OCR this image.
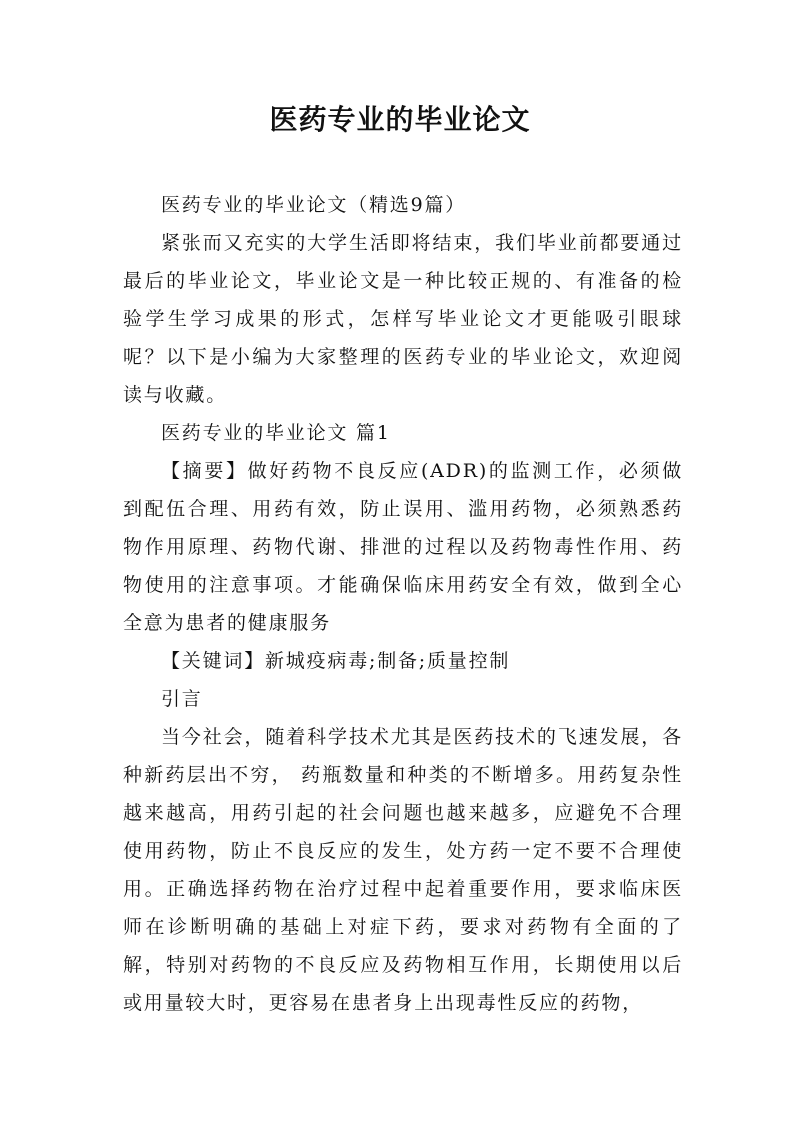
医药专业的毕业论文

医药专业的毕业论文（精选9篇）

紧张而又充实的大学生活即将结束，我们毕业前都要通过最后的毕业论文，毕业论文是一种比较正规的、有准备的检验学生学习成果的形式，怎样写毕业论文才更能吸引眼球呢？以下是小编为大家整理的医药专业的毕业论文，欢迎阅读与收藏。

医药专业的毕业论文 篇1

【摘要】做好药物不良反应(ADR)的监测工作，必须做到配伍合理、用药有效，防止误用、滥用药物，必须熟悉药物作用原理、药物代谢、排泄的过程以及药物毒性作用、药物使用的注意事项。才能确保临床用药安全有效，做到全心全意为患者的健康服务

【关键词】新城疫病毒;制备;质量控制

引言

当今社会，随着科学技术尤其是医药技术的飞速发展，各种新药层出不穷， 药瓶数量和种类的不断增多。用药复杂性越来越高，用药引起的社会问题也越来越多，应避免不合理使用药物，防止不良反应的发生，处方药一定不要不合理使用。正确选择药物在治疗过程中起着重要作用，要求临床医师在诊断明确的基础上对症下药，要求对药物有全面的了解，特别对药物的不良反应及药物相互作用，长期使用以后或用量较大时，更容易在患者身上出现毒性反应的药物，
